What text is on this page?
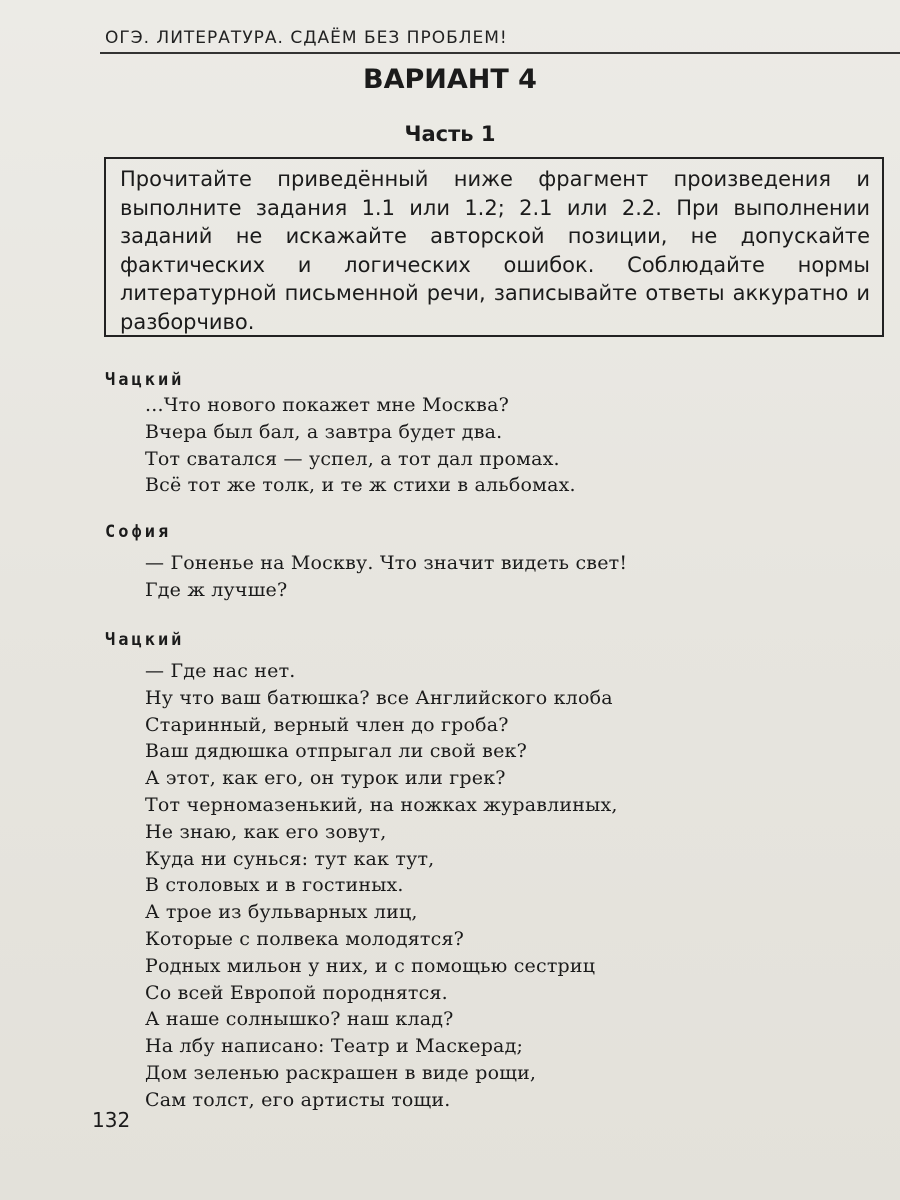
ОГЭ. ЛИТЕРАТУРА. СДАЁМ БЕЗ ПРОБЛЕМ!
ВАРИАНТ 4
Часть 1
Прочитайте приведённый ниже фрагмент произведения и выполните задания 1.1 или 1.2; 2.1 или 2.2. При выполнении заданий не искажайте авторской позиции, не допускайте фактических и логических ошибок. Соблюдайте нормы литературной письменной речи, записывайте ответы аккуратно и разборчиво.
Чацкий
...Что нового покажет мне Москва?
Вчера был бал, а завтра будет два.
Тот сватался — успел, а тот дал промах.
Всё тот же толк, и те ж стихи в альбомах.
София
— Гоненье на Москву. Что значит видеть свет!
Где ж лучше?
Чацкий
— Где нас нет.
Ну что ваш батюшка? все Английского клоба
Старинный, верный член до гроба?
Ваш дядюшка отпрыгал ли свой век?
А этот, как его, он турок или грек?
Тот черномазенький, на ножках журавлиных,
Не знаю, как его зовут,
Куда ни сунься: тут как тут,
В столовых и в гостиных.
А трое из бульварных лиц,
Которые с полвека молодятся?
Родных мильон у них, и с помощью сестриц
Со всей Европой породнятся.
А наше солнышко? наш клад?
На лбу написано: Театр и Маскерад;
Дом зеленью раскрашен в виде рощи,
Сам толст, его артисты тощи.
132
